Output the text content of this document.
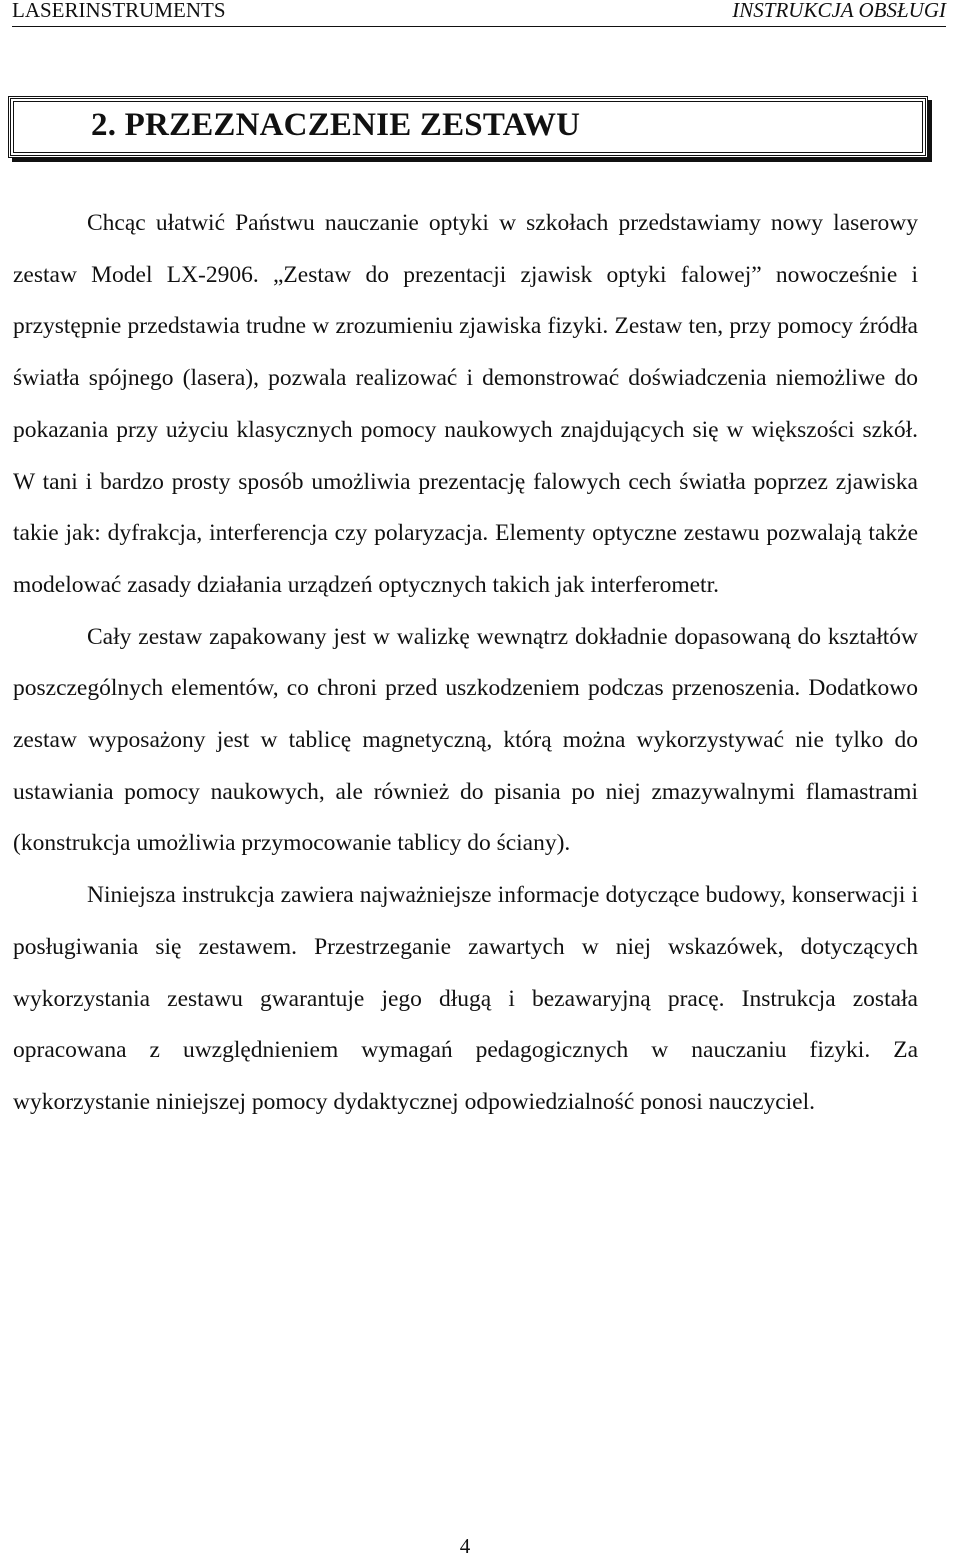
LASERINSTRUMENTS	INSTRUKCJA OBSŁUGI
2. PRZEZNACZENIE ZESTAWU

Chcąc ułatwić Państwu nauczanie optyki w szkołach przedstawiamy nowy laserowy zestaw Model LX-2906. „Zestaw do prezentacji zjawisk optyki falowej” nowocześnie i przystępnie przedstawia trudne w zrozumieniu zjawiska fizyki. Zestaw ten, przy pomocy źródła światła spójnego (lasera), pozwala realizować i demonstrować doświadczenia niemożliwe do pokazania przy użyciu klasycznych pomocy naukowych znajdujących się w większości szkół. W tani i bardzo prosty sposób umożliwia prezentację falowych cech światła poprzez zjawiska takie jak: dyfrakcja, interferencja czy polaryzacja. Elementy optyczne zestawu pozwalają także modelować zasady działania urządzeń optycznych takich jak interferometr.

Cały zestaw zapakowany jest w walizkę wewnątrz dokładnie dopasowaną do kształtów poszczególnych elementów, co chroni przed uszkodzeniem podczas przenoszenia. Dodatkowo zestaw wyposażony jest w tablicę magnetyczną, którą można wykorzystywać nie tylko do ustawiania pomocy naukowych, ale również do pisania po niej zmazywalnymi flamastrami (konstrukcja umożliwia przymocowanie tablicy do ściany).

Niniejsza instrukcja zawiera najważniejsze informacje dotyczące budowy, konserwacji i posługiwania się zestawem. Przestrzeganie zawartych w niej wskazówek, dotyczących wykorzystania zestawu gwarantuje jego długą i bezawaryjną pracę. Instrukcja została opracowana z uwzględnieniem wymagań pedagogicznych w nauczaniu fizyki. Za wykorzystanie niniejszej pomocy dydaktycznej odpowiedzialność ponosi nauczyciel.

4
